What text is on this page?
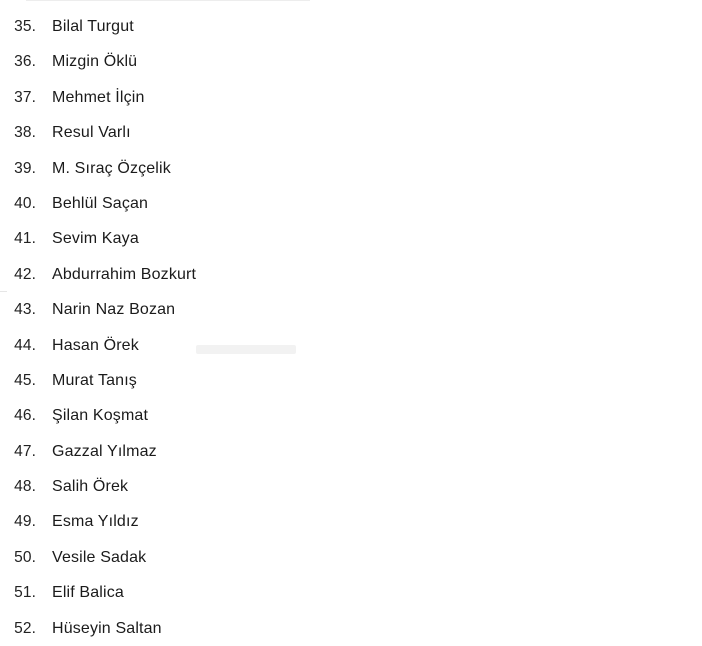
35. Bilal Turgut
36. Mizgin Öklü
37. Mehmet İlçin
38. Resul Varlı
39. M. Sıraç Özçelik
40. Behlül Saçan
41. Sevim Kaya
42. Abdurrahim Bozkurt
43. Narin Naz Bozan
44. Hasan Örek
45. Murat Tanış
46. Şilan Koşmat
47. Gazzal Yılmaz
48. Salih Örek
49. Esma Yıldız
50. Vesile Sadak
51. Elif Balica
52. Hüseyin Saltan
